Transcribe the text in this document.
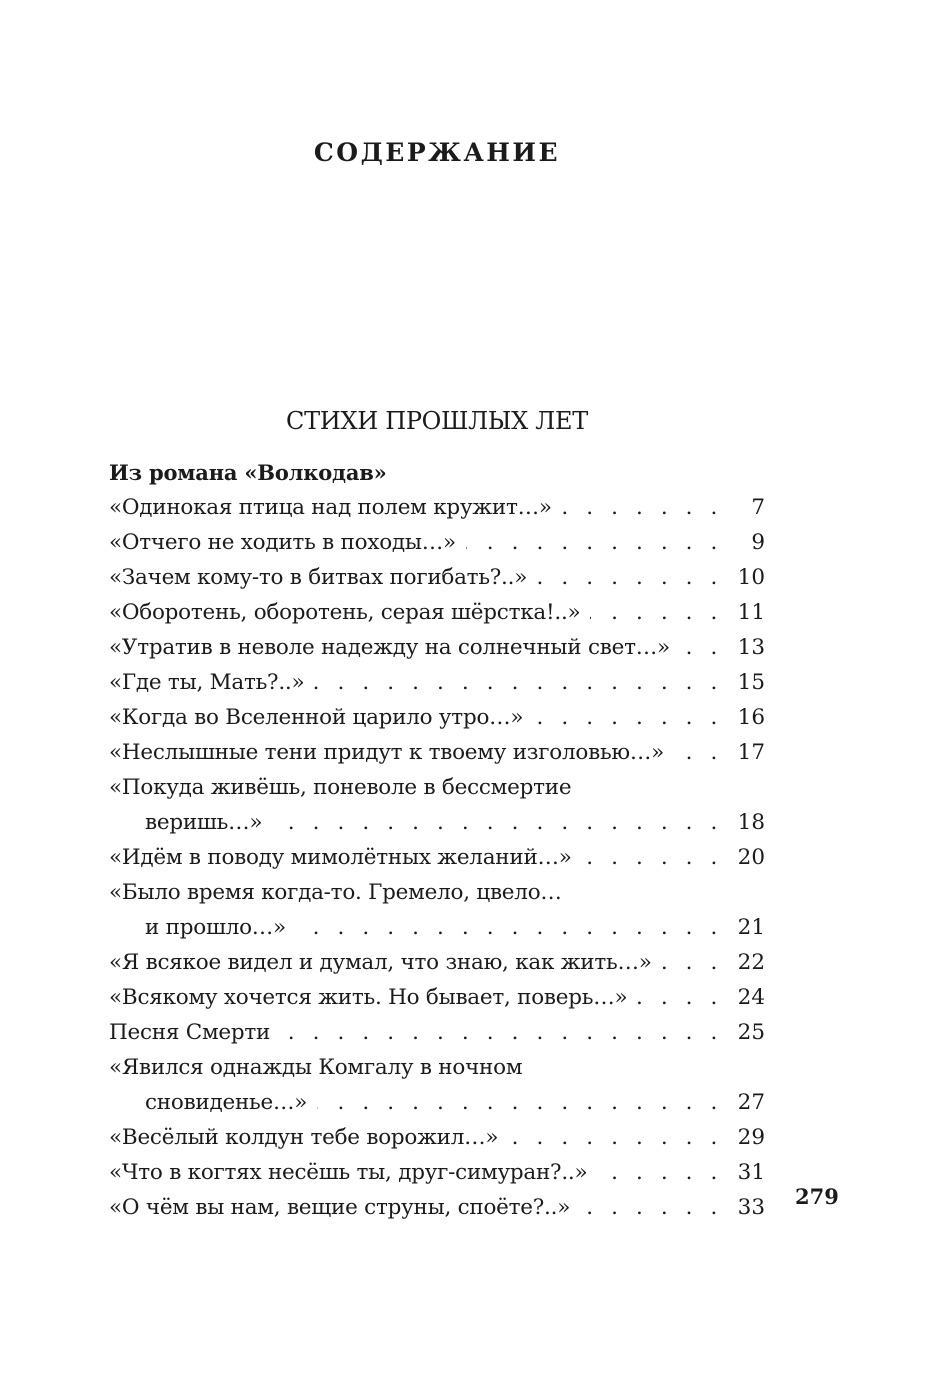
СОДЕРЖАНИЕ
СТИХИ ПРОШЛЫХ ЛЕТ

Из романа «Волкодав»

«Одинокая птица над полем кружит…» . . .	7
«Отчего не ходить в походы…» . . .	9
«Зачем кому-то в битвах погибать?..» . . .	10
«Оборотень, оборотень, серая шёрстка!..» . . .	11
«Утратив в неволе надежду на солнечный свет…» . . .	13
«Где ты, Мать?..» . . .	15
«Когда во Вселенной царило утро…» . . .	16
«Неслышные тени придут к твоему изголовью…» . . .	17
«Покуда живёшь, поневоле в бессмертие
веришь…» . . .	18
«Идём в поводу мимолётных желаний…» . . .	20
«Было время когда-то. Гремело, цвело…
и прошло…» . . .	21
«Я всякое видел и думал, что знаю, как жить…» . . .	22
«Всякому хочется жить. Но бывает, поверь…» . . .	24
Песня Смерти . . .	25
«Явился однажды Комгалу в ночном
сновиденье…» . . .	27
«Весёлый колдун тебе ворожил…» . . .	29
«Что в когтях несёшь ты, друг-симуран?..» . . .	31
«О чём вы нам, вещие струны, споёте?..» . . .	33 279
